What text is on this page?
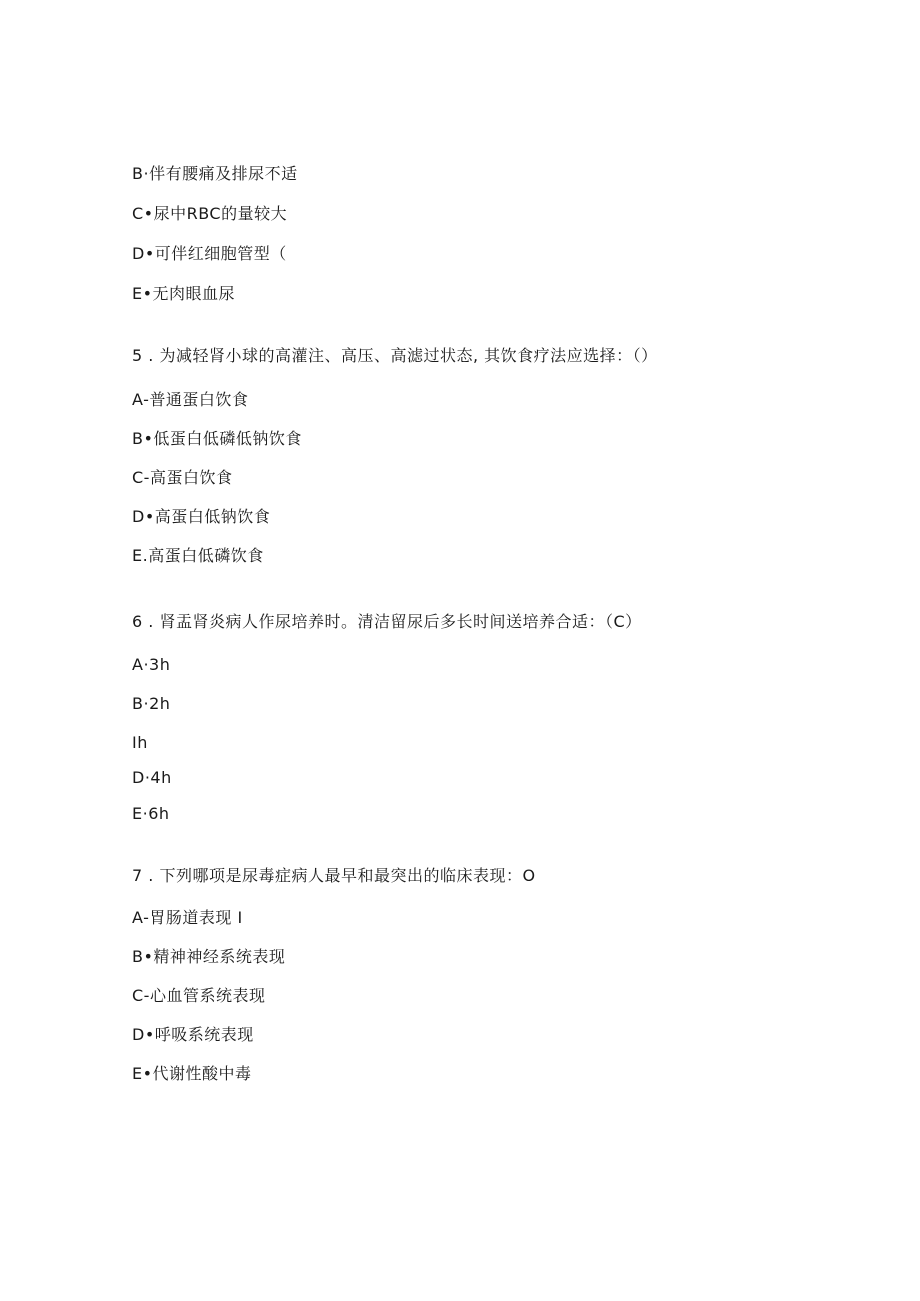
B·伴有腰痛及排尿不适
C•尿中RBC的量较大
D•可伴红细胞管型（
E•无肉眼血尿
5 . 为减轻肾小球的高灌注、高压、高滤过状态, 其饮食疗法应选择：（）
A-普通蛋白饮食
B•低蛋白低磷低钠饮食
C-高蛋白饮食
D•高蛋白低钠饮食
E.高蛋白低磷饮食
6 . 肾盂肾炎病人作尿培养时。清洁留尿后多长时间送培养合适：（C）
A·3h
B·2h
Ih
D·4h
E·6h
7 . 下列哪项是尿毒症病人最早和最突出的临床表现：O
A-胃肠道表现 I
B•精神神经系统表现
C-心血管系统表现
D•呼吸系统表现
E•代谢性酸中毒
